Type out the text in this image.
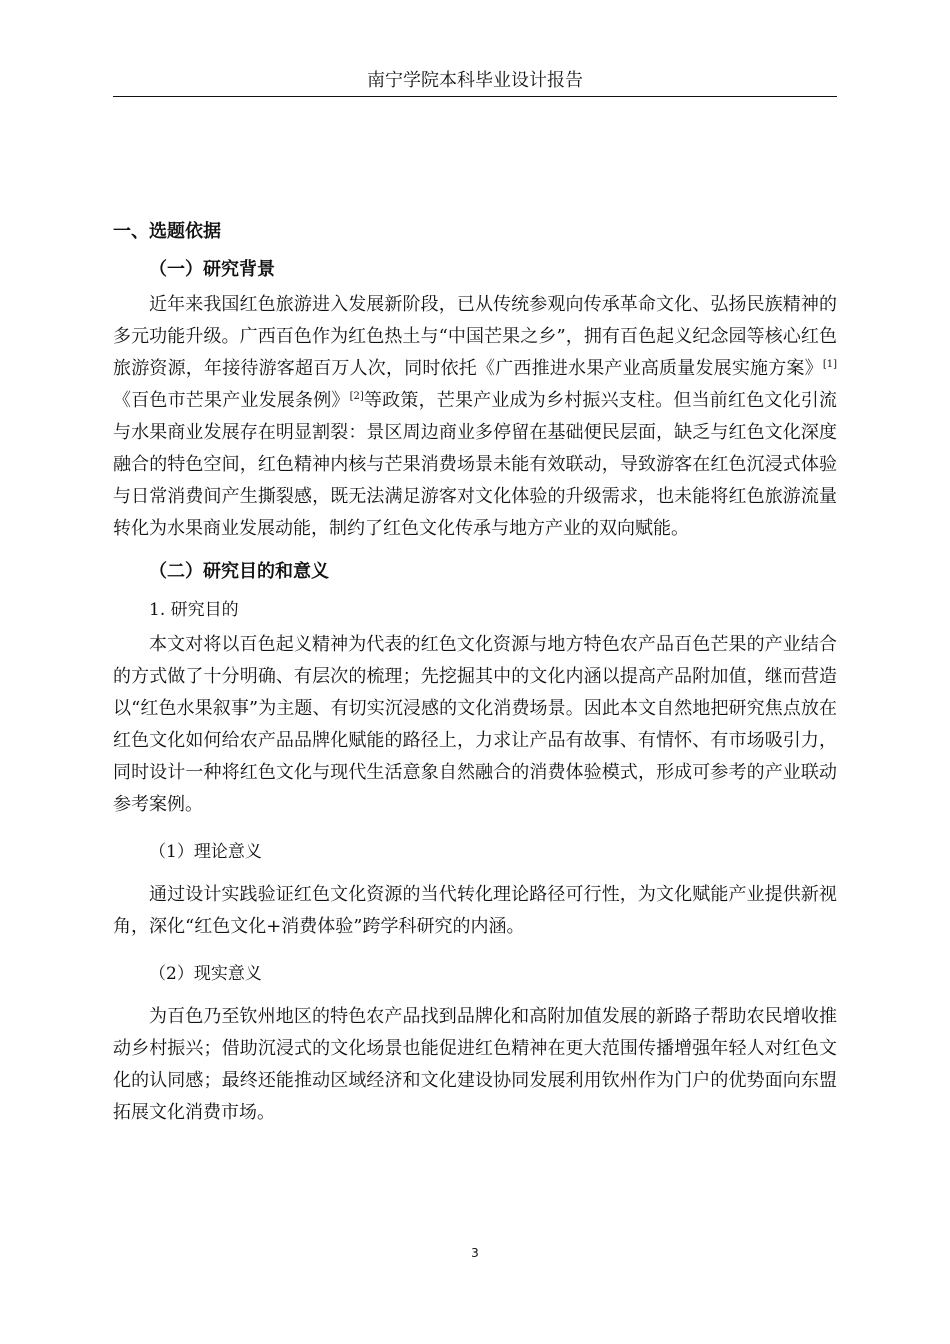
南宁学院本科毕业设计报告

一、选题依据

（一）研究背景

近年来我国红色旅游进入发展新阶段，已从传统参观向传承革命文化、弘扬民族精神的多元功能升级。广西百色作为红色热土与“中国芒果之乡”，拥有百色起义纪念园等核心红色旅游资源，年接待游客超百万人次，同时依托《广西推进水果产业高质量发展实施方案》[1]《百色市芒果产业发展条例》[2]等政策，芒果产业成为乡村振兴支柱。但当前红色文化引流与水果商业发展存在明显割裂：景区周边商业多停留在基础便民层面，缺乏与红色文化深度融合的特色空间，红色精神内核与芒果消费场景未能有效联动，导致游客在红色沉浸式体验与日常消费间产生撕裂感，既无法满足游客对文化体验的升级需求，也未能将红色旅游流量转化为水果商业发展动能，制约了红色文化传承与地方产业的双向赋能。

（二）研究目的和意义

1. 研究目的

本文对将以百色起义精神为代表的红色文化资源与地方特色农产品百色芒果的产业结合的方式做了十分明确、有层次的梳理；先挖掘其中的文化内涵以提高产品附加值，继而营造以“红色水果叙事”为主题、有切实沉浸感的文化消费场景。因此本文自然地把研究焦点放在红色文化如何给农产品品牌化赋能的路径上，力求让产品有故事、有情怀、有市场吸引力，同时设计一种将红色文化与现代生活意象自然融合的消费体验模式，形成可参考的产业联动参考案例。

（1）理论意义

通过设计实践验证红色文化资源的当代转化理论路径可行性，为文化赋能产业提供新视角，深化“红色文化+消费体验”跨学科研究的内涵。

（2）现实意义

为百色乃至钦州地区的特色农产品找到品牌化和高附加值发展的新路子帮助农民增收推动乡村振兴；借助沉浸式的文化场景也能促进红色精神在更大范围传播增强年轻人对红色文化的认同感；最终还能推动区域经济和文化建设协同发展利用钦州作为门户的优势面向东盟拓展文化消费市场。

3
